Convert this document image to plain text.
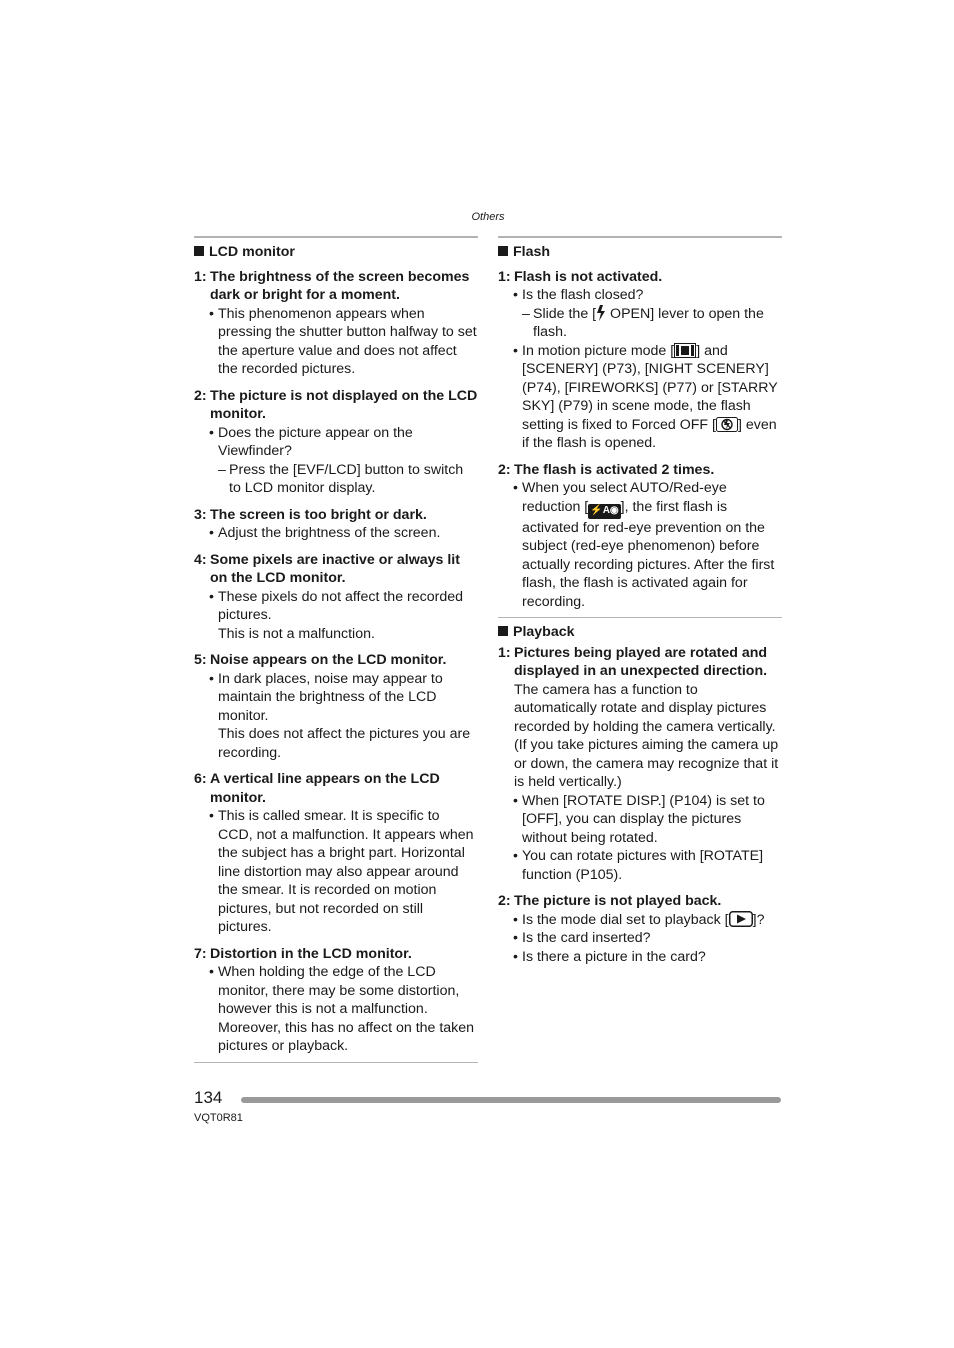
Others
LCD monitor
1: The brightness of the screen becomes dark or bright for a moment.
• This phenomenon appears when pressing the shutter button halfway to set the aperture value and does not affect the recorded pictures.
2: The picture is not displayed on the LCD monitor.
• Does the picture appear on the Viewfinder?
– Press the [EVF/LCD] button to switch to LCD monitor display.
3: The screen is too bright or dark.
• Adjust the brightness of the screen.
4: Some pixels are inactive or always lit on the LCD monitor.
• These pixels do not affect the recorded pictures.
This is not a malfunction.
5: Noise appears on the LCD monitor.
• In dark places, noise may appear to maintain the brightness of the LCD monitor.
This does not affect the pictures you are recording.
6: A vertical line appears on the LCD monitor.
• This is called smear. It is specific to CCD, not a malfunction. It appears when the subject has a bright part. Horizontal line distortion may also appear around the smear. It is recorded on motion pictures, but not recorded on still pictures.
7: Distortion in the LCD monitor.
• When holding the edge of the LCD monitor, there may be some distortion, however this is not a malfunction. Moreover, this has no affect on the taken pictures or playback.
Flash
1: Flash is not activated.
• Is the flash closed?
– Slide the [ OPEN] lever to open the flash.
• In motion picture mode [ ] and [SCENERY] (P73), [NIGHT SCENERY] (P74), [FIREWORKS] (P77) or [STARRY SKY] (P79) in scene mode, the flash setting is fixed to Forced OFF [ ] even if the flash is opened.
2: The flash is activated 2 times.
• When you select AUTO/Red-eye reduction [ ⚡A◉ ], the first flash is activated for red-eye prevention on the subject (red-eye phenomenon) before actually recording pictures. After the first flash, the flash is activated again for recording.
Playback
1: Pictures being played are rotated and displayed in an unexpected direction.
The camera has a function to automatically rotate and display pictures recorded by holding the camera vertically.
(If you take pictures aiming the camera up or down, the camera may recognize that it is held vertically.)
• When [ROTATE DISP.] (P104) is set to [OFF], you can display the pictures without being rotated.
• You can rotate pictures with [ROTATE] function (P105).
2: The picture is not played back.
• Is the mode dial set to playback [ ]?
• Is the card inserted?
• Is there a picture in the card?
134
VQT0R81
